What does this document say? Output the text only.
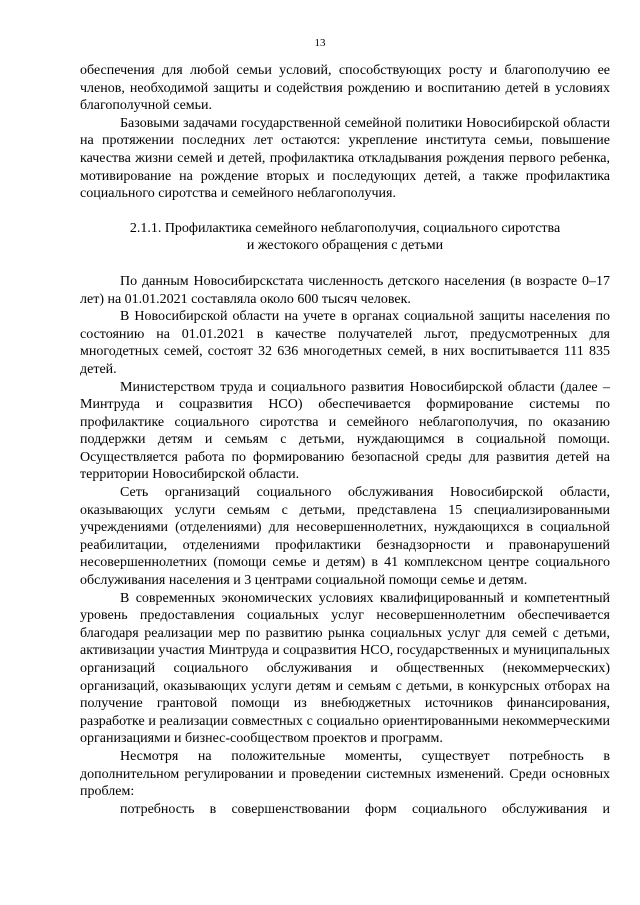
13

обеспечения для любой семьи условий, способствующих росту и благополучию ее членов, необходимой защиты и содействия рождению и воспитанию детей в условиях благополучной семьи.

Базовыми задачами государственной семейной политики Новосибирской области на протяжении последних лет остаются: укрепление института семьи, повышение качества жизни семей и детей, профилактика откладывания рождения первого ребенка, мотивирование на рождение вторых и последующих детей, а также профилактика социального сиротства и семейного неблагополучия.

2.1.1. Профилактика семейного неблагополучия, социального сиротства
и жестокого обращения с детьми

По данным Новосибирскстата численность детского населения (в возрасте 0–17 лет) на 01.01.2021 составляла около 600 тысяч человек.

В Новосибирской области на учете в органах социальной защиты населения по состоянию на 01.01.2021 в качестве получателей льгот, предусмотренных для многодетных семей, состоят 32 636 многодетных семей, в них воспитывается 111 835 детей.

Министерством труда и социального развития Новосибирской области (далее – Минтруда и соцразвития НСО) обеспечивается формирование системы по профилактике социального сиротства и семейного неблагополучия, по оказанию поддержки детям и семьям с детьми, нуждающимся в социальной помощи. Осуществляется работа по формированию безопасной среды для развития детей на территории Новосибирской области.

Сеть организаций социального обслуживания Новосибирской области, оказывающих услуги семьям с детьми, представлена 15 специализированными учреждениями (отделениями) для несовершеннолетних, нуждающихся в социальной реабилитации, отделениями профилактики безнадзорности и правонарушений несовершеннолетних (помощи семье и детям) в 41 комплексном центре социального обслуживания населения и 3 центрами социальной помощи семье и детям.

В современных экономических условиях квалифицированный и компетентный уровень предоставления социальных услуг несовершеннолетним обеспечивается благодаря реализации мер по развитию рынка социальных услуг для семей с детьми, активизации участия Минтруда и соцразвития НСО, государственных и муниципальных организаций социального обслуживания и общественных (некоммерческих) организаций, оказывающих услуги детям и семьям с детьми, в конкурсных отборах на получение грантовой помощи из внебюджетных источников финансирования, разработке и реализации совместных с социально ориентированными некоммерческими организациями и бизнес-сообществом проектов и программ.

Несмотря на положительные моменты, существует потребность в дополнительном регулировании и проведении системных изменений. Среди основных проблем:

потребность в совершенствовании форм социального обслуживания и
